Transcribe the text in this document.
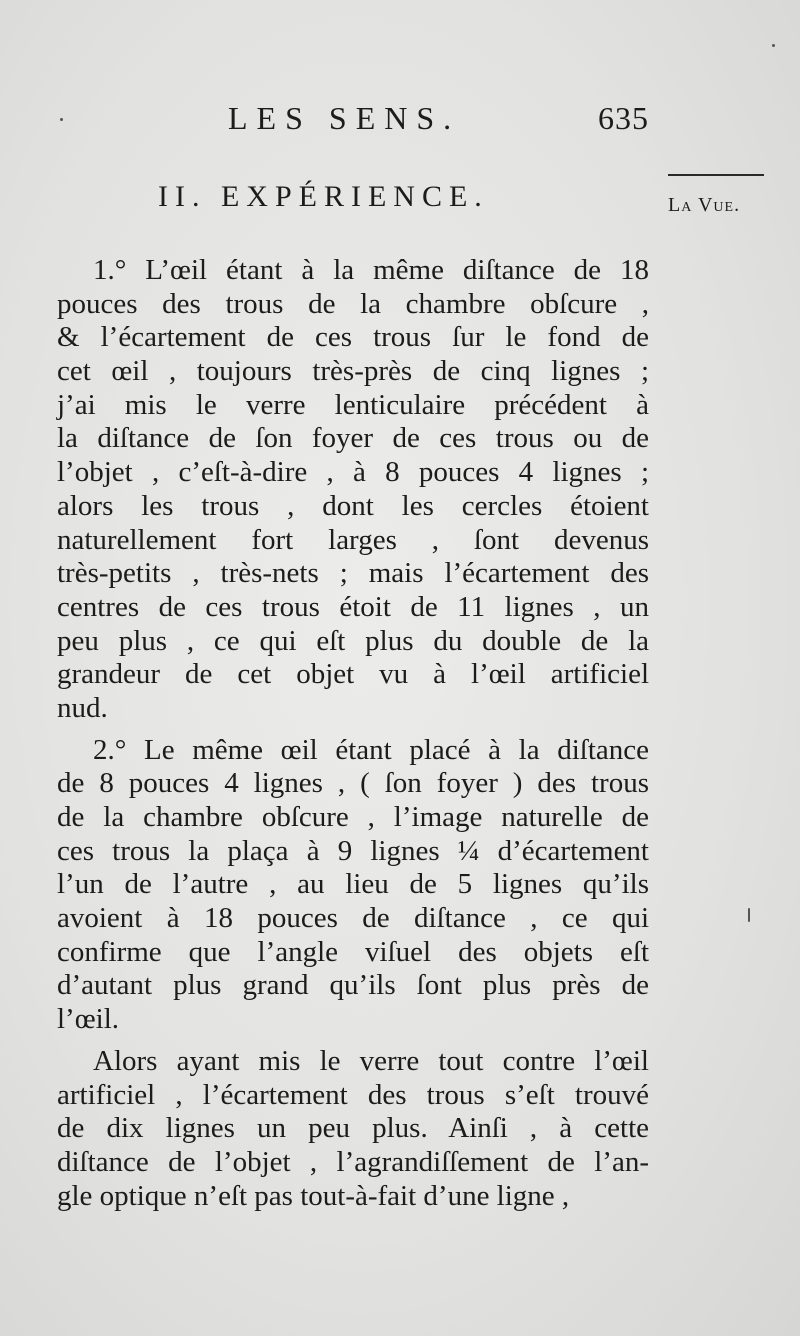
LES SENS.	635
II. EXPÉRIENCE.	La Vue.
1.° L’œil étant à la même diſtance de 18
pouces des trous de la chambre obſcure ,
& l’écartement de ces trous ſur le fond de
cet œil , toujours très-près de cinq lignes ;
j’ai mis le verre lenticulaire précédent à
la diſtance de ſon foyer de ces trous ou de
l’objet , c’eſt-à-dire , à 8 pouces 4 lignes ;
alors les trous , dont les cercles étoient
naturellement fort larges , ſont devenus
très-petits , très-nets ; mais l’écartement des
centres de ces trous étoit de 11 lignes , un
peu plus , ce qui eſt plus du double de la
grandeur de cet objet vu à l’œil artificiel
nud.
2.° Le même œil étant placé à la diſtance
de 8 pouces 4 lignes , ( ſon foyer ) des trous
de la chambre obſcure , l’image naturelle de
ces trous la plaça à 9 lignes ¼ d’écartement
l’un de l’autre , au lieu de 5 lignes qu’ils
avoient à 18 pouces de diſtance , ce qui
confirme que l’angle viſuel des objets eſt
d’autant plus grand qu’ils ſont plus près de
l’œil.
Alors ayant mis le verre tout contre l’œil
artificiel , l’écartement des trous s’eſt trouvé
de dix lignes un peu plus. Ainſi , à cette
diſtance de l’objet , l’agrandiſſement de l’an-
gle optique n’eſt pas tout-à-fait d’une ligne ,
